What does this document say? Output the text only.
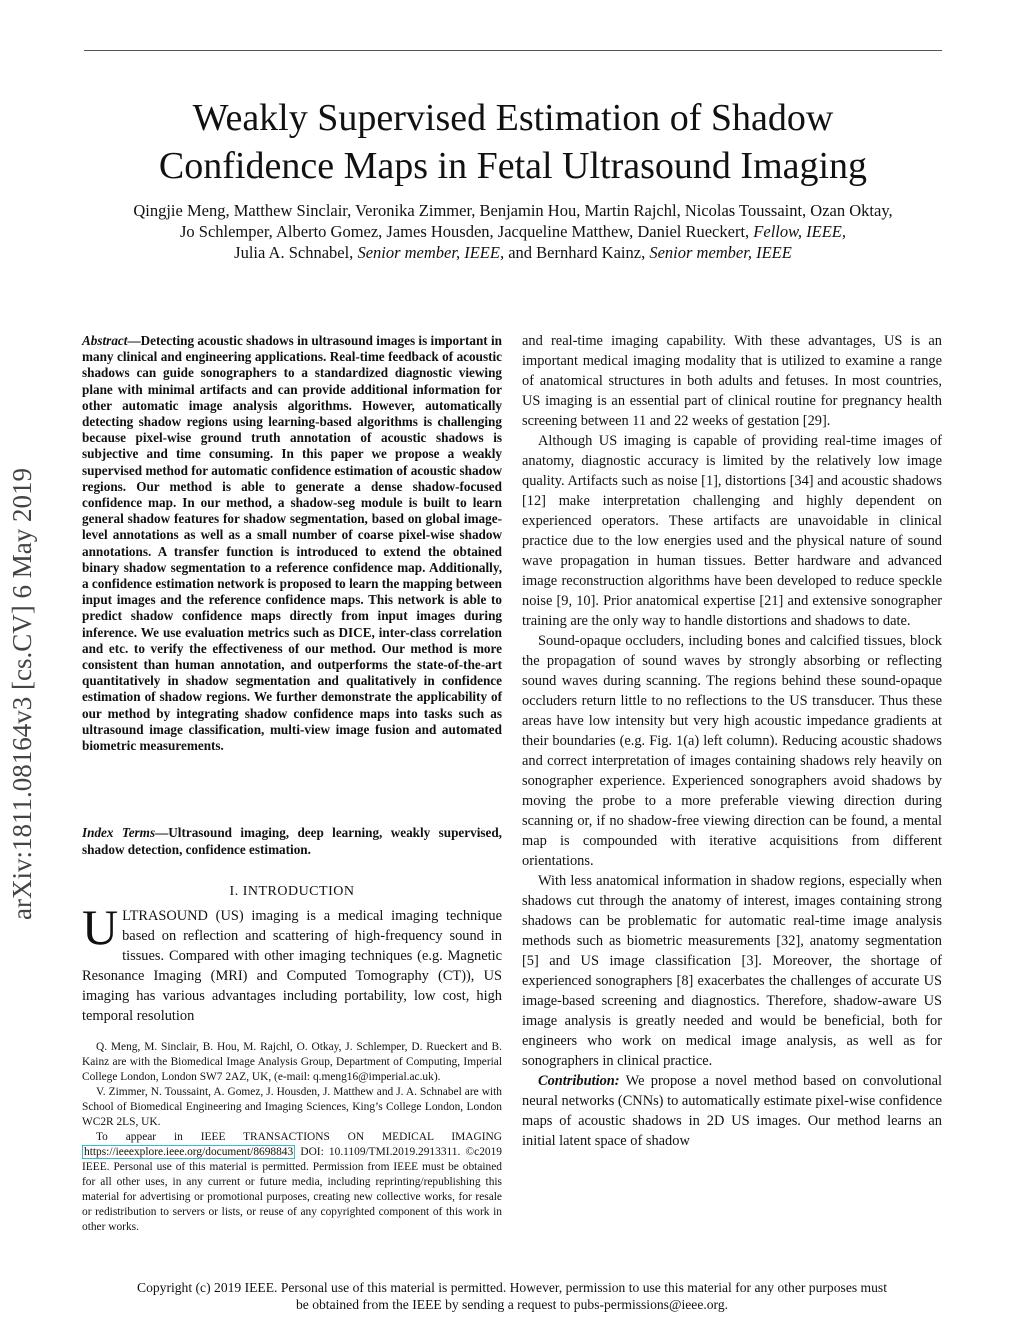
Weakly Supervised Estimation of Shadow
Confidence Maps in Fetal Ultrasound Imaging
Qingjie Meng, Matthew Sinclair, Veronika Zimmer, Benjamin Hou, Martin Rajchl, Nicolas Toussaint, Ozan Oktay,
Jo Schlemper, Alberto Gomez, James Housden, Jacqueline Matthew, Daniel Rueckert, Fellow, IEEE,
Julia A. Schnabel, Senior member, IEEE, and Bernhard Kainz, Senior member, IEEE
arXiv:1811.08164v3 [cs.CV] 6 May 2019
Abstract—Detecting acoustic shadows in ultrasound images is important in many clinical and engineering applications. Real-time feedback of acoustic shadows can guide sonographers to a standardized diagnostic viewing plane with minimal artifacts and can provide additional information for other automatic image analysis algorithms. However, automatically detecting shadow regions using learning-based algorithms is challenging because pixel-wise ground truth annotation of acoustic shadows is subjective and time consuming. In this paper we propose a weakly supervised method for automatic confidence estimation of acoustic shadow regions. Our method is able to generate a dense shadow-focused confidence map. In our method, a shadow-seg module is built to learn general shadow features for shadow segmentation, based on global image-level annotations as well as a small number of coarse pixel-wise shadow annotations. A transfer function is introduced to extend the obtained binary shadow segmentation to a reference confidence map. Additionally, a confidence estimation network is proposed to learn the mapping between input images and the reference confidence maps. This network is able to predict shadow confidence maps directly from input images during inference. We use evaluation metrics such as DICE, inter-class correlation and etc. to verify the effectiveness of our method. Our method is more consistent than human annotation, and outperforms the state-of-the-art quantitatively in shadow segmentation and qualitatively in confidence estimation of shadow regions. We further demonstrate the applicability of our method by integrating shadow confidence maps into tasks such as ultrasound image classification, multi-view image fusion and automated biometric measurements.
Index Terms—Ultrasound imaging, deep learning, weakly supervised, shadow detection, confidence estimation.
I. INTRODUCTION
ULTRASOUND (US) imaging is a medical imaging technique based on reflection and scattering of high-frequency sound in tissues. Compared with other imaging techniques (e.g. Magnetic Resonance Imaging (MRI) and Computed Tomography (CT)), US imaging has various advantages including portability, low cost, high temporal resolution

Q. Meng, M. Sinclair, B. Hou, M. Rajchl, O. Otkay, J. Schlemper, D. Rueckert and B. Kainz are with the Biomedical Image Analysis Group, Department of Computing, Imperial College London, London SW7 2AZ, UK, (e-mail: q.meng16@imperial.ac.uk).

V. Zimmer, N. Toussaint, A. Gomez, J. Housden, J. Matthew and J. A. Schnabel are with School of Biomedical Engineering and Imaging Sciences, King’s College London, London WC2R 2LS, UK.

To appear in IEEE TRANSACTIONS ON MEDICAL IMAGING https://ieeexplore.ieee.org/document/8698843 DOI: 10.1109/TMI.2019.2913311. ©c2019 IEEE. Personal use of this material is permitted. Permission from IEEE must be obtained for all other uses, in any current or future media, including reprinting/republishing this material for advertising or promotional purposes, creating new collective works, for resale or redistribution to servers or lists, or reuse of any copyrighted component of this work in other works.

and real-time imaging capability. With these advantages, US is an important medical imaging modality that is utilized to examine a range of anatomical structures in both adults and fetuses. In most countries, US imaging is an essential part of clinical routine for pregnancy health screening between 11 and 22 weeks of gestation [29].

Although US imaging is capable of providing real-time images of anatomy, diagnostic accuracy is limited by the relatively low image quality. Artifacts such as noise [1], distortions [34] and acoustic shadows [12] make interpretation challenging and highly dependent on experienced operators. These artifacts are unavoidable in clinical practice due to the low energies used and the physical nature of sound wave propagation in human tissues. Better hardware and advanced image reconstruction algorithms have been developed to reduce speckle noise [9, 10]. Prior anatomical expertise [21] and extensive sonographer training are the only way to handle distortions and shadows to date.

Sound-opaque occluders, including bones and calcified tissues, block the propagation of sound waves by strongly absorbing or reflecting sound waves during scanning. The regions behind these sound-opaque occluders return little to no reflections to the US transducer. Thus these areas have low intensity but very high acoustic impedance gradients at their boundaries (e.g. Fig. 1(a) left column). Reducing acoustic shadows and correct interpretation of images containing shadows rely heavily on sonographer experience. Experienced sonographers avoid shadows by moving the probe to a more preferable viewing direction during scanning or, if no shadow-free viewing direction can be found, a mental map is compounded with iterative acquisitions from different orientations.

With less anatomical information in shadow regions, especially when shadows cut through the anatomy of interest, images containing strong shadows can be problematic for automatic real-time image analysis methods such as biometric measurements [32], anatomy segmentation [5] and US image classification [3]. Moreover, the shortage of experienced sonographers [8] exacerbates the challenges of accurate US image-based screening and diagnostics. Therefore, shadow-aware US image analysis is greatly needed and would be beneficial, both for engineers who work on medical image analysis, as well as for sonographers in clinical practice.

Contribution: We propose a novel method based on convolutional neural networks (CNNs) to automatically estimate pixel-wise confidence maps of acoustic shadows in 2D US images. Our method learns an initial latent space of shadow

Copyright (c) 2019 IEEE. Personal use of this material is permitted. However, permission to use this material for any other purposes must
be obtained from the IEEE by sending a request to pubs-permissions@ieee.org.
